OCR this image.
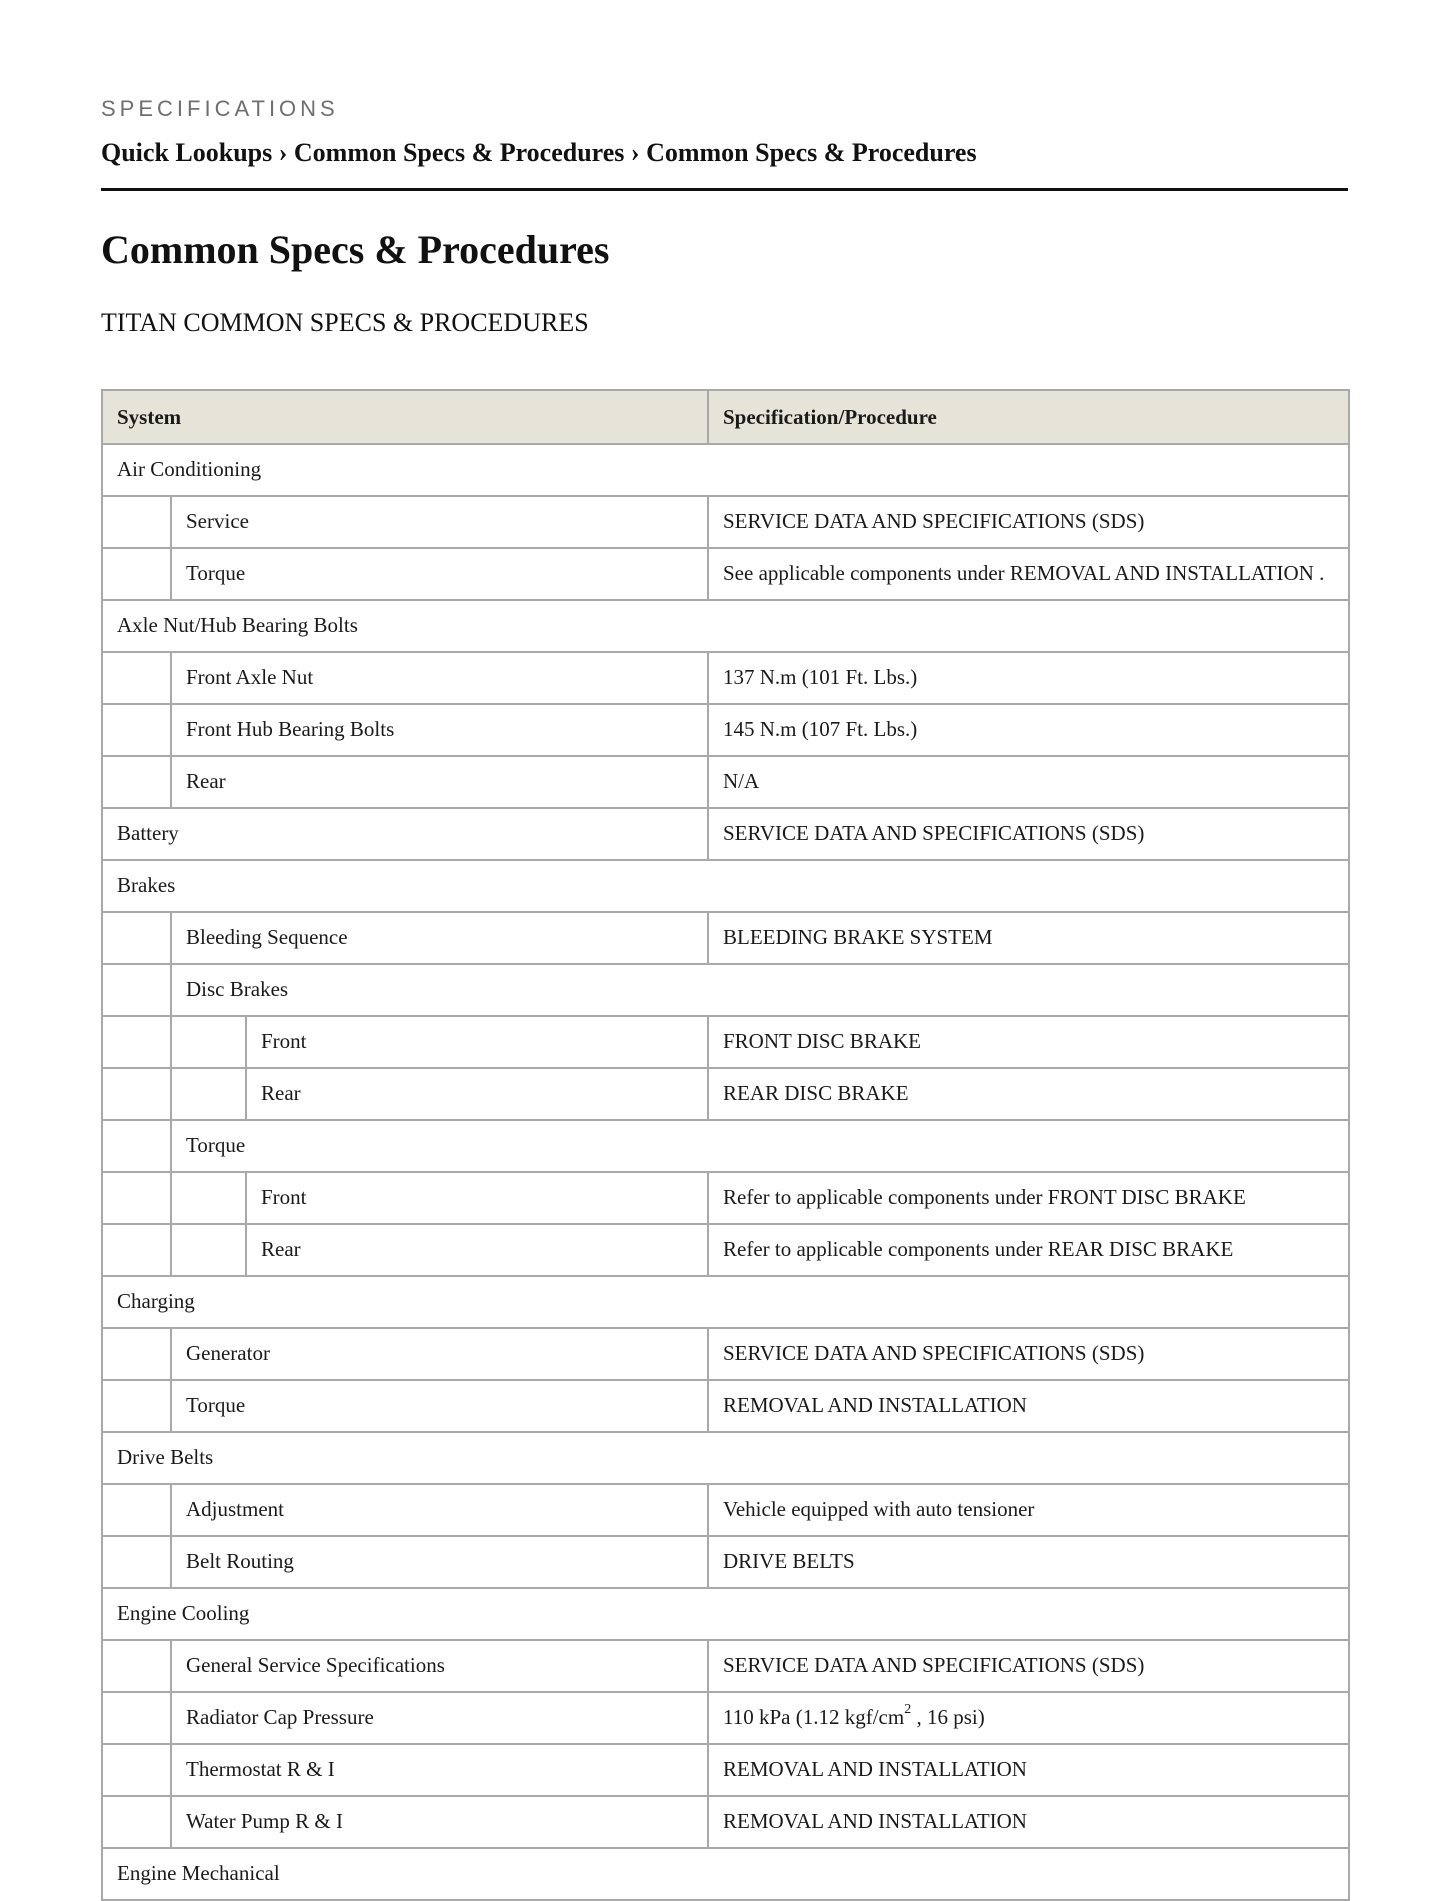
SPECIFICATIONS
Quick Lookups › Common Specs & Procedures › Common Specs & Procedures
Common Specs & Procedures
TITAN COMMON SPECS & PROCEDURES
System			Specification/Procedure
Air Conditioning			
	Service		SERVICE DATA AND SPECIFICATIONS (SDS)
	Torque		See applicable components under REMOVAL AND INSTALLATION .
Axle Nut/Hub Bearing Bolts			
	Front Axle Nut		137 N.m (101 Ft. Lbs.)
	Front Hub Bearing Bolts		145 N.m (107 Ft. Lbs.)
	Rear		N/A
Battery			SERVICE DATA AND SPECIFICATIONS (SDS)
Brakes			
	Bleeding Sequence		BLEEDING BRAKE SYSTEM
	Disc Brakes		
		Front	FRONT DISC BRAKE
		Rear	REAR DISC BRAKE
	Torque		
		Front	Refer to applicable components under FRONT DISC BRAKE
		Rear	Refer to applicable components under REAR DISC BRAKE
Charging			
	Generator		SERVICE DATA AND SPECIFICATIONS (SDS)
	Torque		REMOVAL AND INSTALLATION
Drive Belts			
	Adjustment		Vehicle equipped with auto tensioner
	Belt Routing		DRIVE BELTS
Engine Cooling			
	General Service Specifications		SERVICE DATA AND SPECIFICATIONS (SDS)
	Radiator Cap Pressure		110 kPa (1.12 kgf/$cm^2$ , 16 psi)
	Thermostat R & I		REMOVAL AND INSTALLATION
	Water Pump R & I		REMOVAL AND INSTALLATION
Engine Mechanical			
